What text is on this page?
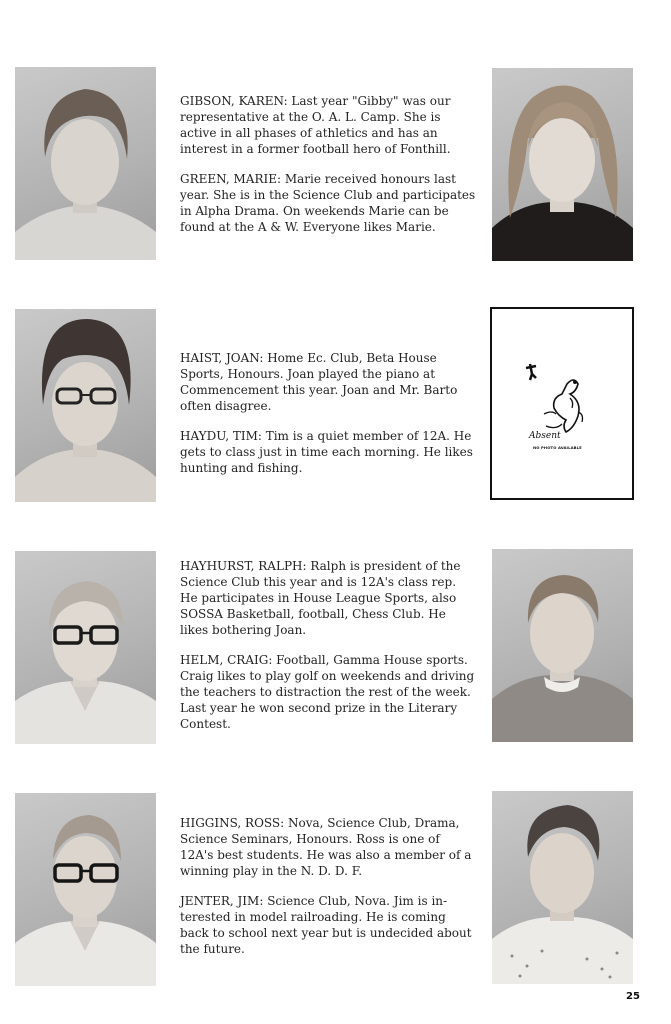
GIBSON, KAREN: Last year "Gibby" was our representative at the O. A. L. Camp. She is active in all phases of athletics and has an interest in a former football hero of Fonthill.

GREEN, MARIE: Marie received honours last year. She is in the Science Club and participates in Alpha Drama. On weekends Marie can be found at the A & W. Everyone likes Marie.

HAIST, JOAN: Home Ec. Club, Beta House Sports, Honours. Joan played the piano at Commencement this year. Joan and Mr. Barto often disagree.

HAYDU, TIM: Tim is a quiet member of 12A. He gets to class just in time each morning. He likes hunting and fishing.

Absent
NO PHOTO AVAILABLE

HAYHURST, RALPH: Ralph is president of the Science Club this year and is 12A's class rep. He participates in House League Sports, also SOSSA Basketball, football, Chess Club. He likes bothering Joan.

HELM, CRAIG: Football, Gamma House sports. Craig likes to play golf on weekends and driving the teachers to distraction the rest of the week. Last year he won second prize in the Literary Contest.

HIGGINS, ROSS: Nova, Science Club, Drama, Science Seminars, Honours. Ross is one of 12A's best students. He was also a member of a winning play in the N. D. D. F.

JENTER, JIM: Science Club, Nova. Jim is in- terested in model railroading. He is coming back to school next year but is undecided about the future.

25
